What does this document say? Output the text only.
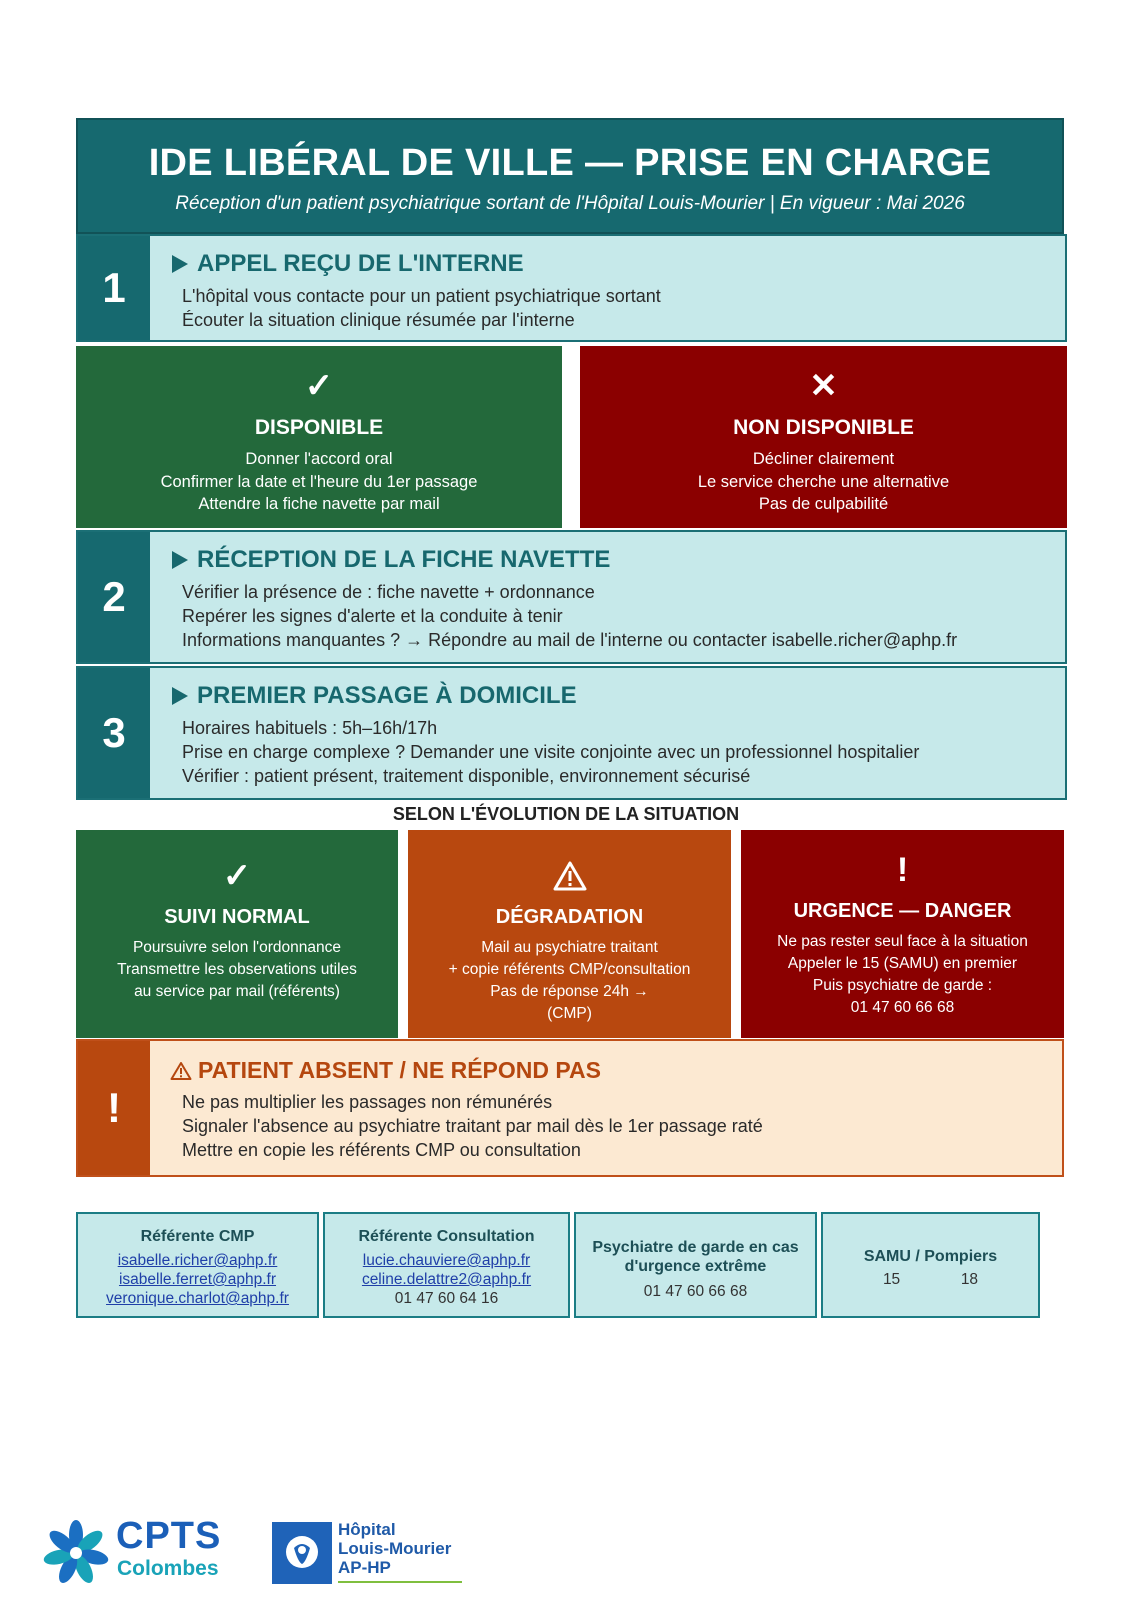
IDE LIBÉRAL DE VILLE — PRISE EN CHARGE
Réception d'un patient psychiatrique sortant de l'Hôpital Louis-Mourier | En vigueur : Mai 2026
1
APPEL REÇU DE L'INTERNE
L'hôpital vous contacte pour un patient psychiatrique sortant
Écouter la situation clinique résumée par l'interne
✓
DISPONIBLE
Donner l'accord oral
Confirmer la date et l'heure du 1er passage
Attendre la fiche navette par mail
✕
NON DISPONIBLE
Décliner clairement
Le service cherche une alternative
Pas de culpabilité
2
RÉCEPTION DE LA FICHE NAVETTE
Vérifier la présence de : fiche navette + ordonnance
Repérer les signes d'alerte et la conduite à tenir
Informations manquantes ? → Répondre au mail de l'interne ou contacter isabelle.richer@aphp.fr
3
PREMIER PASSAGE À DOMICILE
Horaires habituels : 5h–16h/17h
Prise en charge complexe ? Demander une visite conjointe avec un professionnel hospitalier
Vérifier : patient présent, traitement disponible, environnement sécurisé
SELON L'ÉVOLUTION DE LA SITUATION
✓
SUIVI NORMAL
Poursuivre selon l'ordonnance
Transmettre les observations utiles
au service par mail (référents)
DÉGRADATION
Mail au psychiatre traitant
+ copie référents CMP/consultation
Pas de réponse 24h →
(CMP)
!
URGENCE — DANGER
Ne pas rester seul face à la situation
Appeler le 15 (SAMU) en premier
Puis psychiatre de garde :
01 47 60 66 68
!
PATIENT ABSENT / NE RÉPOND PAS
Ne pas multiplier les passages non rémunérés
Signaler l'absence au psychiatre traitant par mail dès le 1er passage raté
Mettre en copie les référents CMP ou consultation
Référente CMP
isabelle.richer@aphp.fr
isabelle.ferret@aphp.fr
veronique.charlot@aphp.fr
Référente Consultation
lucie.chauviere@aphp.fr
celine.delattre2@aphp.fr
01 47 60 64 16
Psychiatre de garde en cas d'urgence extrême
01 47 60 66 68
SAMU / Pompiers
15	18
CPTS
Colombes
Hôpital
Louis-Mourier
AP-HP
